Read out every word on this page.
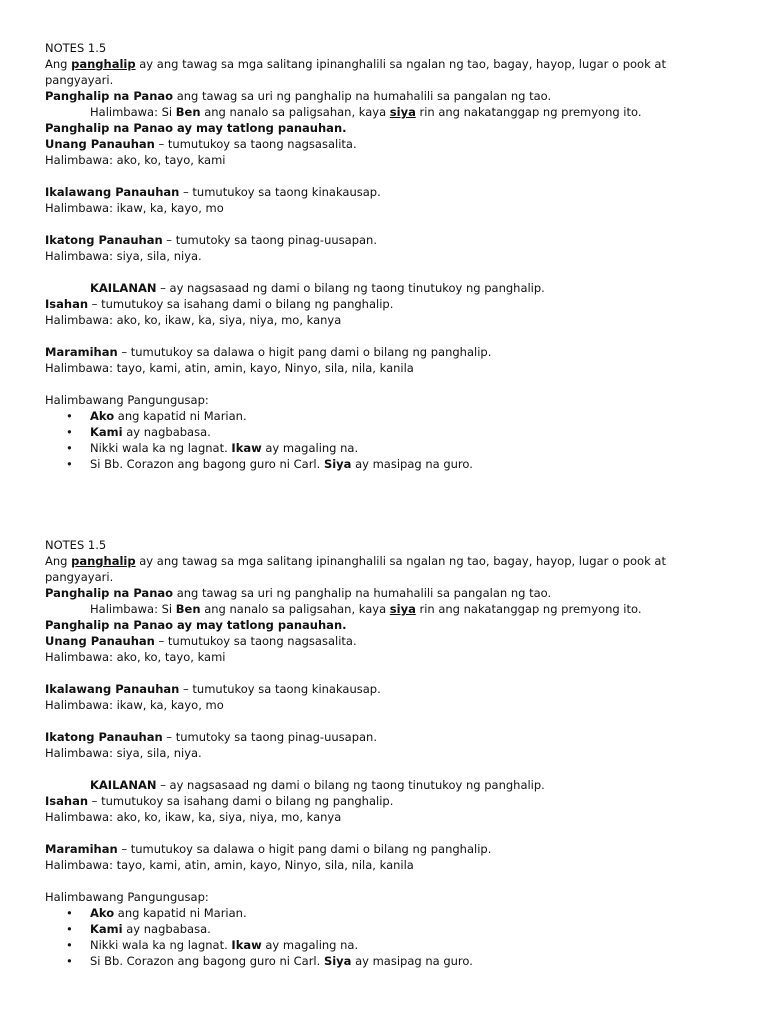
NOTES 1.5

Ang panghalip ay ang tawag sa mga salitang ipinanghalili sa ngalan ng tao, bagay, hayop, lugar o pook at pangyayari.

Panghalip na Panao ang tawag sa uri ng panghalip na humahalili sa pangalan ng tao.

Halimbawa: Si Ben ang nanalo sa paligsahan, kaya siya rin ang nakatanggap ng premyong ito.

Panghalip na Panao ay may tatlong panauhan.

Unang Panauhan – tumutukoy sa taong nagsasalita.

Halimbawa: ako, ko, tayo, kami

Ikalawang Panauhan – tumutukoy sa taong kinakausap.

Halimbawa: ikaw, ka, kayo, mo

Ikatong Panauhan – tumutoky sa taong pinag-uusapan.

Halimbawa: siya, sila, niya.

KAILANAN – ay nagsasaad ng dami o bilang ng taong tinutukoy ng panghalip.

Isahan – tumutukoy sa isahang dami o bilang ng panghalip.

Halimbawa: ako, ko, ikaw, ka, siya, niya, mo, kanya

Maramihan – tumutukoy sa dalawa o higit pang dami o bilang ng panghalip.

Halimbawa: tayo, kami, atin, amin, kayo, Ninyo, sila, nila, kanila

Halimbawang Pangungusap:

• Ako ang kapatid ni Marian.
• Kami ay nagbabasa.
• Nikki wala ka ng lagnat. Ikaw ay magaling na.
• Si Bb. Corazon ang bagong guro ni Carl. Siya ay masipag na guro.

NOTES 1.5

Ang panghalip ay ang tawag sa mga salitang ipinanghalili sa ngalan ng tao, bagay, hayop, lugar o pook at pangyayari.

Panghalip na Panao ang tawag sa uri ng panghalip na humahalili sa pangalan ng tao.

Halimbawa: Si Ben ang nanalo sa paligsahan, kaya siya rin ang nakatanggap ng premyong ito.

Panghalip na Panao ay may tatlong panauhan.

Unang Panauhan – tumutukoy sa taong nagsasalita.

Halimbawa: ako, ko, tayo, kami

Ikalawang Panauhan – tumutukoy sa taong kinakausap.

Halimbawa: ikaw, ka, kayo, mo

Ikatong Panauhan – tumutoky sa taong pinag-uusapan.

Halimbawa: siya, sila, niya.

KAILANAN – ay nagsasaad ng dami o bilang ng taong tinutukoy ng panghalip.

Isahan – tumutukoy sa isahang dami o bilang ng panghalip.

Halimbawa: ako, ko, ikaw, ka, siya, niya, mo, kanya

Maramihan – tumutukoy sa dalawa o higit pang dami o bilang ng panghalip.

Halimbawa: tayo, kami, atin, amin, kayo, Ninyo, sila, nila, kanila

Halimbawang Pangungusap:

• Ako ang kapatid ni Marian.
• Kami ay nagbabasa.
• Nikki wala ka ng lagnat. Ikaw ay magaling na.
• Si Bb. Corazon ang bagong guro ni Carl. Siya ay masipag na guro.
